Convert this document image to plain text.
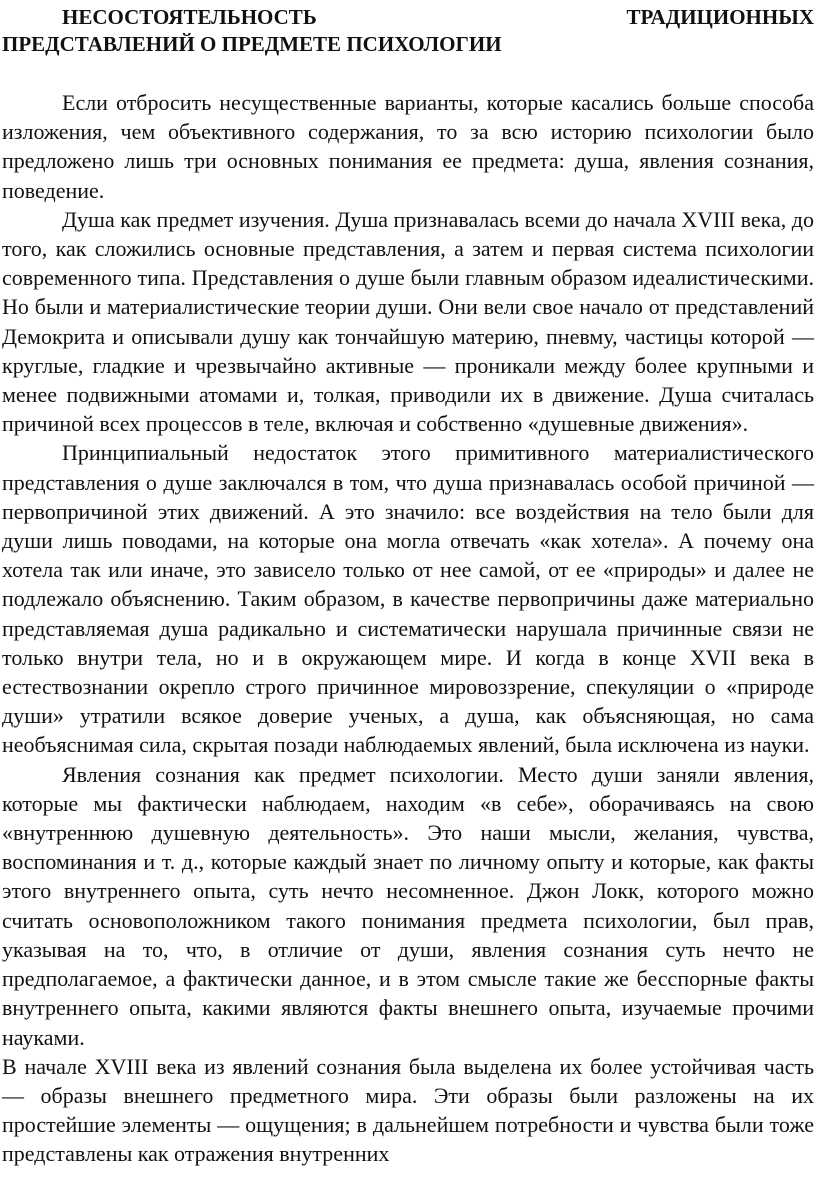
НЕСОСТОЯТЕЛЬНОСТЬ	ТРАДИЦИОННЫХ
ПРЕДСТАВЛЕНИЙ О ПРЕДМЕТЕ ПСИХОЛОГИИ

Если отбросить несущественные варианты, которые касались больше способа изложения, чем объективного содержания, то за всю историю психологии было предложено лишь три основных понимания ее предмета: душа, явления сознания, поведение.

Душа как предмет изучения. Душа признавалась всеми до начала XVIII века, до того, как сложились основные представления, а затем и первая система психологии современного типа. Представления о душе были главным образом идеалистическими. Но были и материалистические теории души. Они вели свое начало от представлений Демокрита и описывали душу как тончайшую материю, пневму, частицы которой — круглые, гладкие и чрезвычайно активные — проникали между более крупными и менее подвижными атомами и, толкая, приводили их в движение. Душа считалась причиной всех процессов в теле, включая и собственно «душевные движения».

Принципиальный недостаток этого примитивного материалистического представления о душе заключался в том, что душа признавалась особой причиной — первопричиной этих движений. А это значило: все воздействия на тело были для души лишь поводами, на которые она могла отвечать «как хотела». А почему она хотела так или иначе, это зависело только от нее самой, от ее «природы» и далее не подлежало объяснению. Таким образом, в качестве первопричины даже материально представляемая душа радикально и систематически нарушала причинные связи не только внутри тела, но и в окружающем мире. И когда в конце XVII века в естествознании окрепло строго причинное мировоззрение, спекуляции о «природе души» утратили всякое доверие ученых, а душа, как объясняющая, но сама необъяснимая сила, скрытая позади наблюдаемых явлений, была исключена из науки.

Явления сознания как предмет психологии. Место души заняли явления, которые мы фактически наблюдаем, находим «в себе», оборачиваясь на свою «внутреннюю душевную деятельность». Это наши мысли, желания, чувства, воспоминания и т. д., которые каждый знает по личному опыту и которые, как факты этого внутреннего опыта, суть нечто несомненное. Джон Локк, которого можно считать основоположником такого понимания предмета психологии, был прав, указывая на то, что, в отличие от души, явления сознания суть нечто не предполагаемое, а фактически данное, и в этом смысле такие же бесспорные факты внутреннего опыта, какими являются факты внешнего опыта, изучаемые прочими науками.

В начале XVIII века из явлений сознания была выделена их более устойчивая часть — образы внешнего предметного мира. Эти образы были разложены на их простейшие элементы — ощущения; в дальнейшем потребности и чувства были тоже представлены как отражения внутренних
